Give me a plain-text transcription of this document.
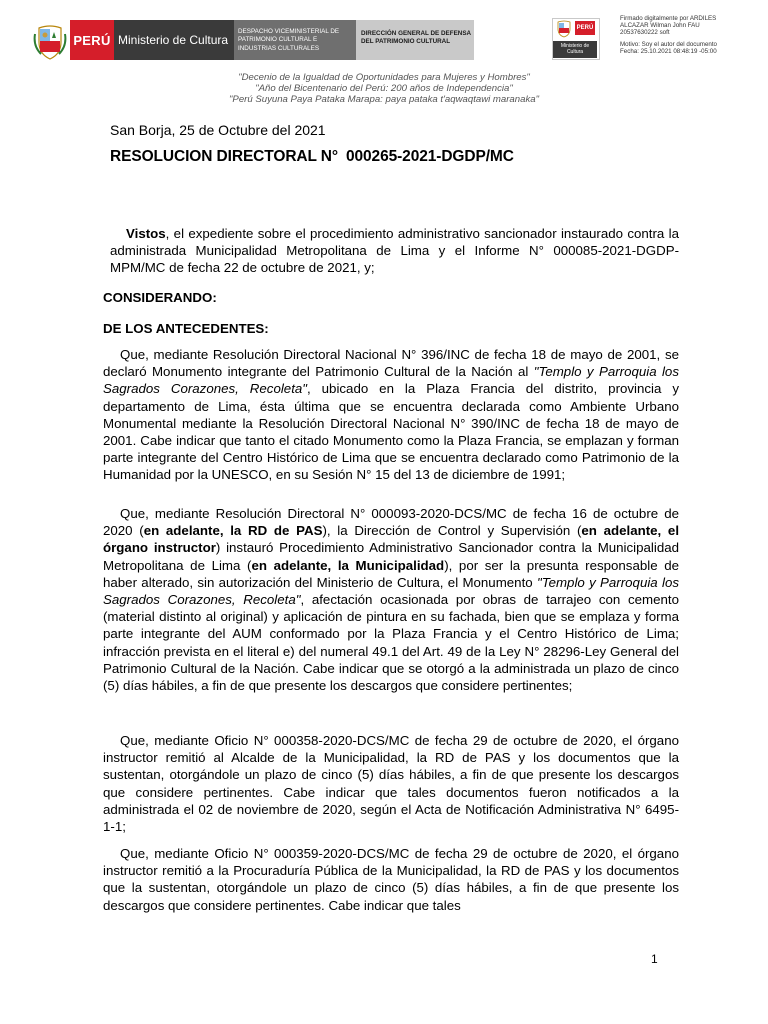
PERÚ Ministerio de Cultura
DESPACHO VICEMINISTERIAL DE PATRIMONIO CULTURAL E INDUSTRIAS CULTURALES
DIRECCIÓN GENERAL DE DEFENSA DEL PATRIMONIO CULTURAL
PERÚ
Ministerio de Cultura
Firmado digitalmente por ARDILES
ALCAZAR Wilman John FAU
20537630222 soft
Motivo: Soy el autor del documento
Fecha: 25.10.2021 08:48:19 -05:00
"Decenio de la Igualdad de Oportunidades para Mujeres y Hombres"
"Año del Bicentenario del Perú: 200 años de Independencia"
"Perú Suyuna Paya Pataka Marapa: paya pataka t'aqwaqtawi maranaka"
San Borja, 25 de Octubre del 2021
RESOLUCION DIRECTORAL N° 000265-2021-DGDP/MC
Vistos, el expediente sobre el procedimiento administrativo sancionador instaurado contra la administrada Municipalidad Metropolitana de Lima y el Informe N° 000085-2021-DGDP-MPM/MC de fecha 22 de octubre de 2021, y;
CONSIDERANDO:
DE LOS ANTECEDENTES:
Que, mediante Resolución Directoral Nacional N° 396/INC de fecha 18 de mayo de 2001, se declaró Monumento integrante del Patrimonio Cultural de la Nación al "Templo y Parroquia los Sagrados Corazones, Recoleta", ubicado en la Plaza Francia del distrito, provincia y departamento de Lima, ésta última que se encuentra declarada como Ambiente Urbano Monumental mediante la Resolución Directoral Nacional N° 390/INC de fecha 18 de mayo de 2001. Cabe indicar que tanto el citado Monumento como la Plaza Francia, se emplazan y forman parte integrante del Centro Histórico de Lima que se encuentra declarado como Patrimonio de la Humanidad por la UNESCO, en su Sesión N° 15 del 13 de diciembre de 1991;
Que, mediante Resolución Directoral N° 000093-2020-DCS/MC de fecha 16 de octubre de 2020 (en adelante, la RD de PAS), la Dirección de Control y Supervisión (en adelante, el órgano instructor) instauró Procedimiento Administrativo Sancionador contra la Municipalidad Metropolitana de Lima (en adelante, la Municipalidad), por ser la presunta responsable de haber alterado, sin autorización del Ministerio de Cultura, el Monumento "Templo y Parroquia los Sagrados Corazones, Recoleta", afectación ocasionada por obras de tarrajeo con cemento (material distinto al original) y aplicación de pintura en su fachada, bien que se emplaza y forma parte integrante del AUM conformado por la Plaza Francia y el Centro Histórico de Lima; infracción prevista en el literal e) del numeral 49.1 del Art. 49 de la Ley N° 28296-Ley General del Patrimonio Cultural de la Nación. Cabe indicar que se otorgó a la administrada un plazo de cinco (5) días hábiles, a fin de que presente los descargos que considere pertinentes;
Que, mediante Oficio N° 000358-2020-DCS/MC de fecha 29 de octubre de 2020, el órgano instructor remitió al Alcalde de la Municipalidad, la RD de PAS y los documentos que la sustentan, otorgándole un plazo de cinco (5) días hábiles, a fin de que presente los descargos que considere pertinentes. Cabe indicar que tales documentos fueron notificados a la administrada el 02 de noviembre de 2020, según el Acta de Notificación Administrativa N° 6495-1-1;
Que, mediante Oficio N° 000359-2020-DCS/MC de fecha 29 de octubre de 2020, el órgano instructor remitió a la Procuraduría Pública de la Municipalidad, la RD de PAS y los documentos que la sustentan, otorgándole un plazo de cinco (5) días hábiles, a fin de que presente los descargos que considere pertinentes. Cabe indicar que tales
1
